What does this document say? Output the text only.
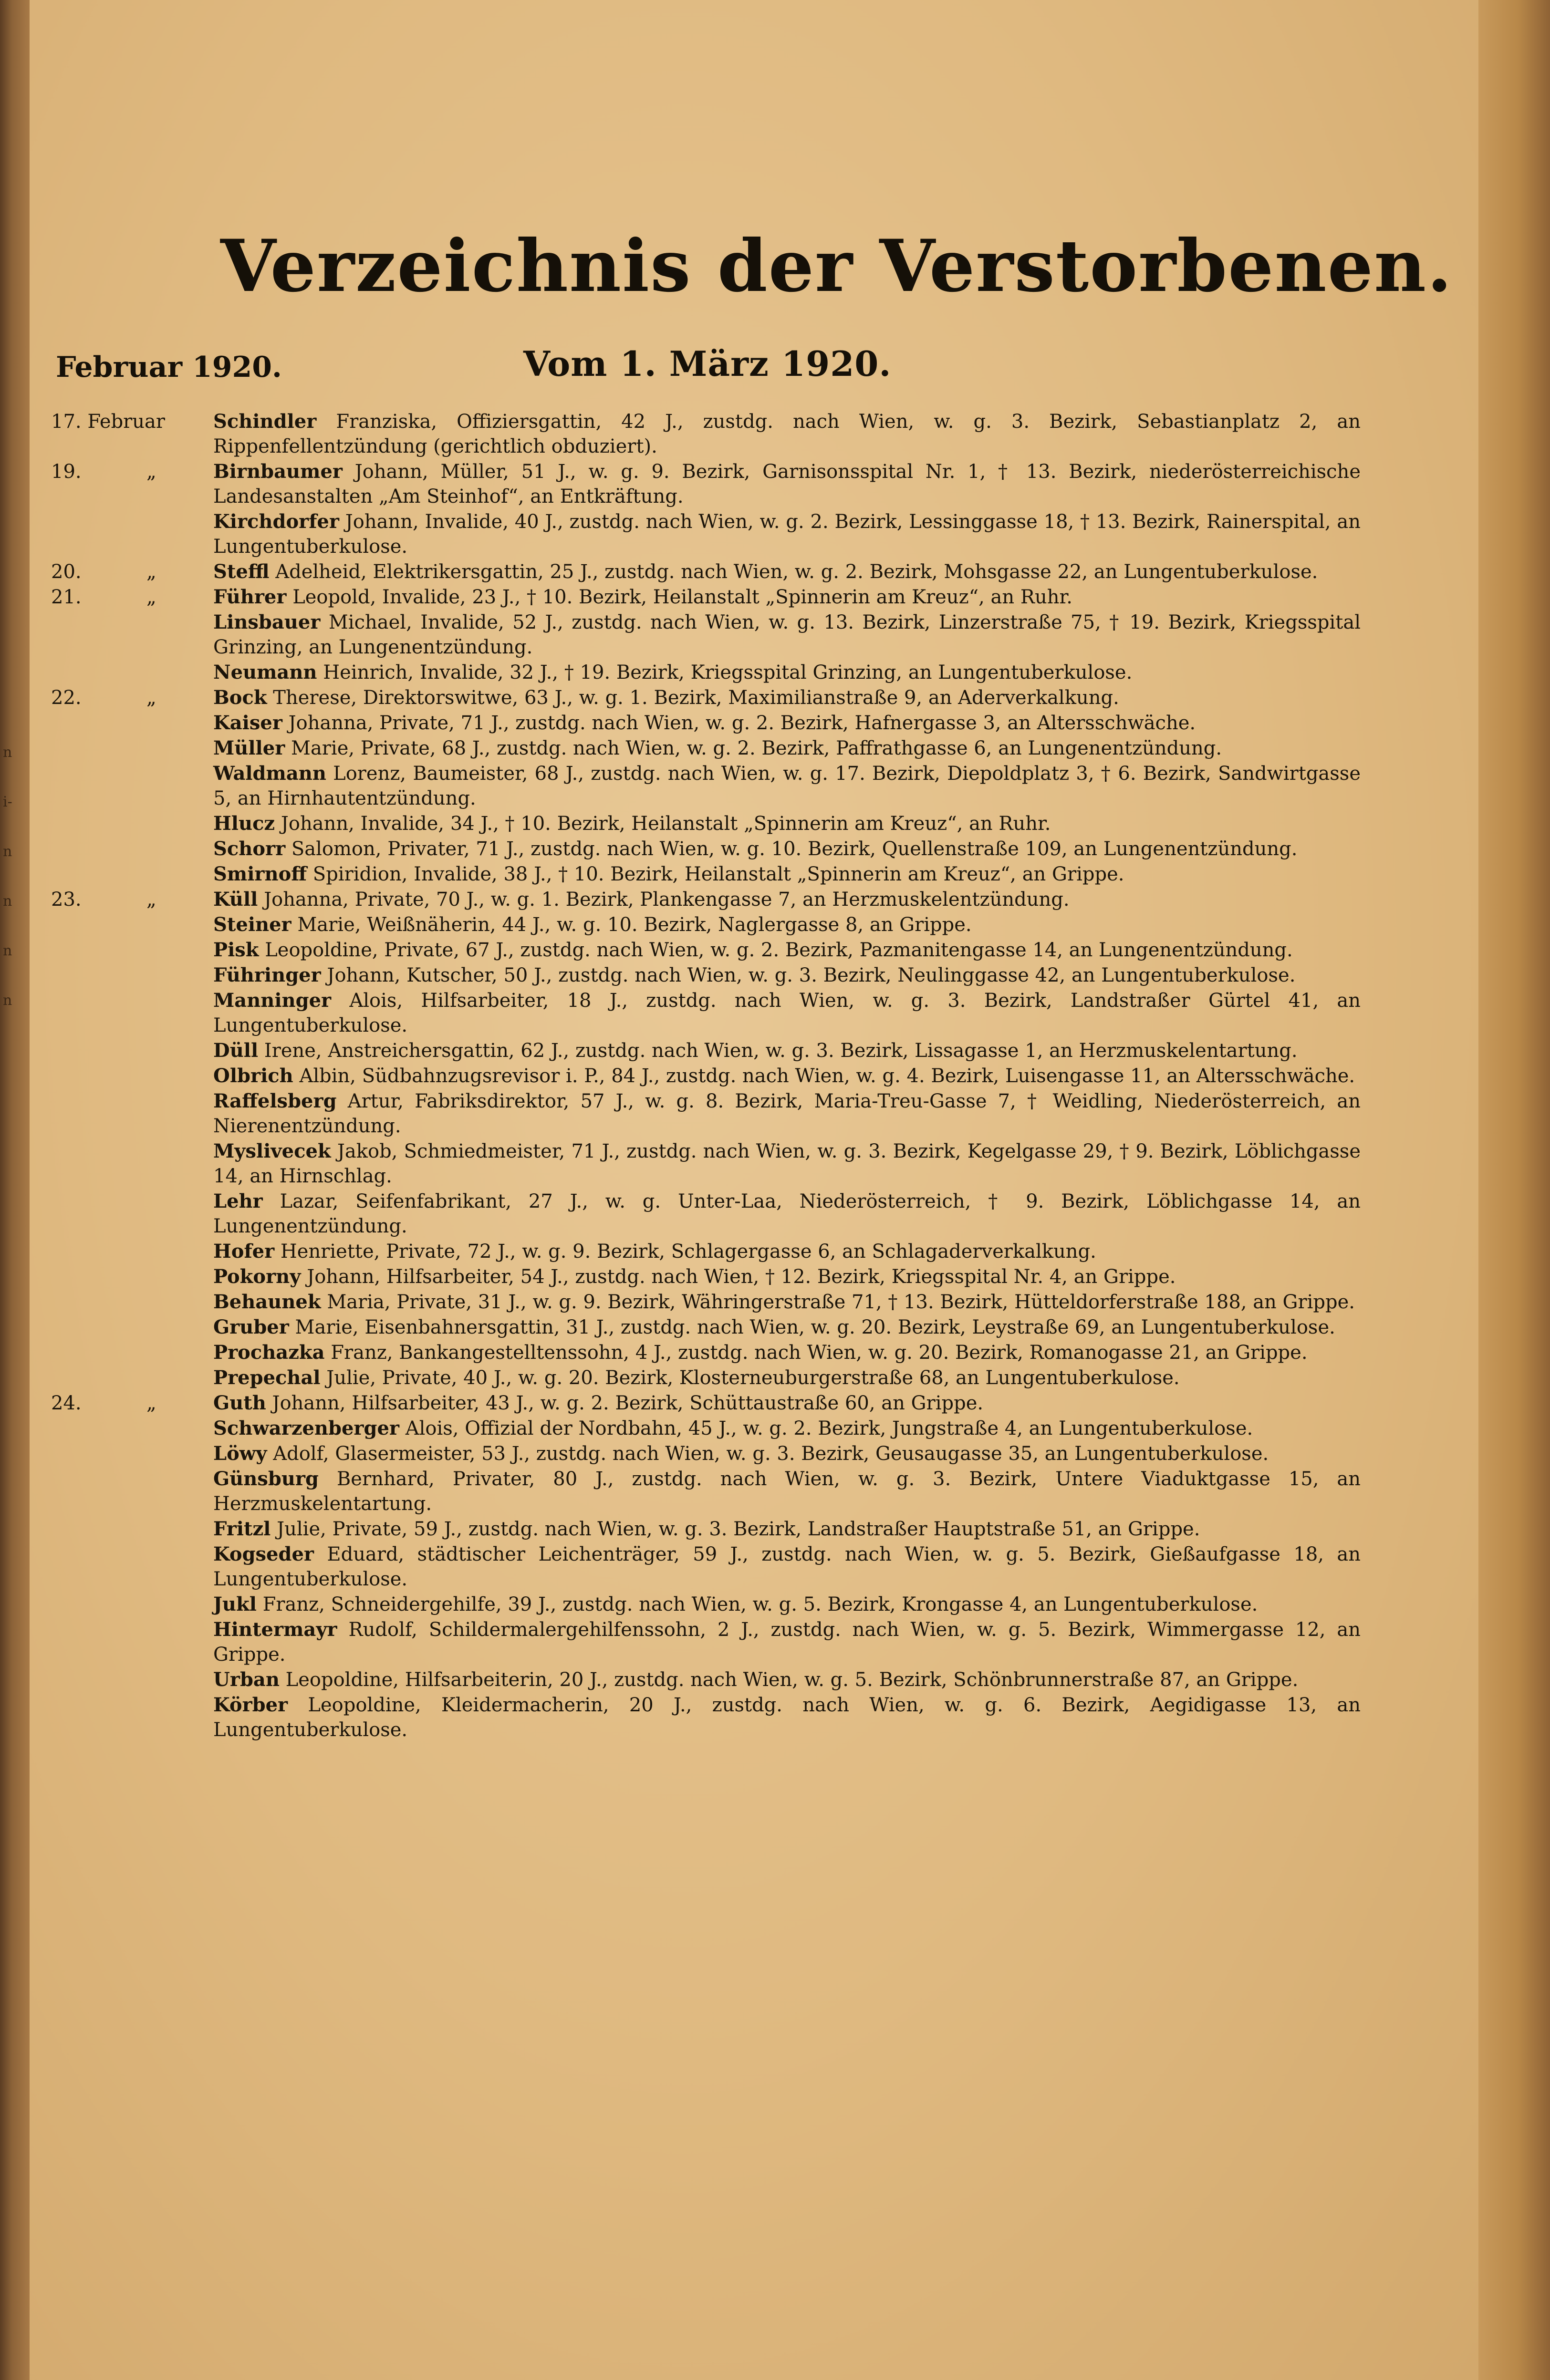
n
i-
n
n
n
n
Verzeichnis der Verstorbenen.
Februar 1920.	Vom 1. März 1920.
17. Februar	Schindler Franziska, Offiziersgattin, 42 J., zustdg. nach Wien, w. g. 3. Bezirk, Sebastianplatz 2, an Rippenfellentzündung (gerichtlich obduziert).
19.	„	Birnbaumer Johann, Müller, 51 J., w. g. 9. Bezirk, Garnisonsspital Nr. 1, † 13. Bezirk, niederösterreichische Landesanstalten „Am Steinhof“, an Entkräftung.
Kirchdorfer Johann, Invalide, 40 J., zustdg. nach Wien, w. g. 2. Bezirk, Lessinggasse 18, † 13. Bezirk, Rainerspital, an Lungentuberkulose.
20.	„	Steffl Adelheid, Elektrikersgattin, 25 J., zustdg. nach Wien, w. g. 2. Bezirk, Mohsgasse 22, an Lungentuberkulose.
21.	„	Führer Leopold, Invalide, 23 J., † 10. Bezirk, Heilanstalt „Spinnerin am Kreuz“, an Ruhr.
Linsbauer Michael, Invalide, 52 J., zustdg. nach Wien, w. g. 13. Bezirk, Linzerstraße 75, † 19. Bezirk, Kriegsspital Grinzing, an Lungenentzündung.
Neumann Heinrich, Invalide, 32 J., † 19. Bezirk, Kriegsspital Grinzing, an Lungentuberkulose.
22.	„	Bock Therese, Direktorswitwe, 63 J., w. g. 1. Bezirk, Maximilianstraße 9, an Aderverkalkung.
Kaiser Johanna, Private, 71 J., zustdg. nach Wien, w. g. 2. Bezirk, Hafnergasse 3, an Altersschwäche.
Müller Marie, Private, 68 J., zustdg. nach Wien, w. g. 2. Bezirk, Paffrathgasse 6, an Lungenentzündung.
Waldmann Lorenz, Baumeister, 68 J., zustdg. nach Wien, w. g. 17. Bezirk, Diepoldplatz 3, † 6. Bezirk, Sandwirtgasse 5, an Hirnhautentzündung.
Hlucz Johann, Invalide, 34 J., † 10. Bezirk, Heilanstalt „Spinnerin am Kreuz“, an Ruhr.
Schorr Salomon, Privater, 71 J., zustdg. nach Wien, w. g. 10. Bezirk, Quellenstraße 109, an Lungenentzündung.
Smirnoff Spiridion, Invalide, 38 J., † 10. Bezirk, Heilanstalt „Spinnerin am Kreuz“, an Grippe.
23.	„	Küll Johanna, Private, 70 J., w. g. 1. Bezirk, Plankengasse 7, an Herzmuskelentzündung.
Steiner Marie, Weißnäherin, 44 J., w. g. 10. Bezirk, Naglergasse 8, an Grippe.
Pisk Leopoldine, Private, 67 J., zustdg. nach Wien, w. g. 2. Bezirk, Pazmanitengasse 14, an Lungenentzündung.
Führinger Johann, Kutscher, 50 J., zustdg. nach Wien, w. g. 3. Bezirk, Neulinggasse 42, an Lungentuberkulose.
Manninger Alois, Hilfsarbeiter, 18 J., zustdg. nach Wien, w. g. 3. Bezirk, Landstraßer Gürtel 41, an Lungentuberkulose.
Düll Irene, Anstreichersgattin, 62 J., zustdg. nach Wien, w. g. 3. Bezirk, Lissagasse 1, an Herzmuskelentartung.
Olbrich Albin, Südbahnzugsrevisor i. P., 84 J., zustdg. nach Wien, w. g. 4. Bezirk, Luisengasse 11, an Altersschwäche.
Raffelsberg Artur, Fabriksdirektor, 57 J., w. g. 8. Bezirk, Maria-Treu-Gasse 7, † Weidling, Niederösterreich, an Nierenentzündung.
Myslivecek Jakob, Schmiedmeister, 71 J., zustdg. nach Wien, w. g. 3. Bezirk, Kegelgasse 29, † 9. Bezirk, Löblichgasse 14, an Hirnschlag.
Lehr Lazar, Seifenfabrikant, 27 J., w. g. Unter-Laa, Niederösterreich, † 9. Bezirk, Löblichgasse 14, an Lungenentzündung.
Hofer Henriette, Private, 72 J., w. g. 9. Bezirk, Schlagergasse 6, an Schlagaderverkalkung.
Pokorny Johann, Hilfsarbeiter, 54 J., zustdg. nach Wien, † 12. Bezirk, Kriegsspital Nr. 4, an Grippe.
Behaunek Maria, Private, 31 J., w. g. 9. Bezirk, Währingerstraße 71, † 13. Bezirk, Hütteldorferstraße 188, an Grippe.
Gruber Marie, Eisenbahnersgattin, 31 J., zustdg. nach Wien, w. g. 20. Bezirk, Leystraße 69, an Lungentuberkulose.
Prochazka Franz, Bankangestelltenssohn, 4 J., zustdg. nach Wien, w. g. 20. Bezirk, Romanogasse 21, an Grippe.
Prepechal Julie, Private, 40 J., w. g. 20. Bezirk, Klosterneuburgerstraße 68, an Lungentuberkulose.
24.	„	Guth Johann, Hilfsarbeiter, 43 J., w. g. 2. Bezirk, Schüttaustraße 60, an Grippe.
Schwarzenberger Alois, Offizial der Nordbahn, 45 J., w. g. 2. Bezirk, Jungstraße 4, an Lungentuberkulose.
Löwy Adolf, Glasermeister, 53 J., zustdg. nach Wien, w. g. 3. Bezirk, Geusaugasse 35, an Lungentuberkulose.
Günsburg Bernhard, Privater, 80 J., zustdg. nach Wien, w. g. 3. Bezirk, Untere Viaduktgasse 15, an Herzmuskelentartung.
Fritzl Julie, Private, 59 J., zustdg. nach Wien, w. g. 3. Bezirk, Landstraßer Hauptstraße 51, an Grippe.
Kogseder Eduard, städtischer Leichenträger, 59 J., zustdg. nach Wien, w. g. 5. Bezirk, Gießaufgasse 18, an Lungentuberkulose.
Jukl Franz, Schneidergehilfe, 39 J., zustdg. nach Wien, w. g. 5. Bezirk, Krongasse 4, an Lungentuberkulose.
Hintermayr Rudolf, Schildermalergehilfenssohn, 2 J., zustdg. nach Wien, w. g. 5. Bezirk, Wimmergasse 12, an Grippe.
Urban Leopoldine, Hilfsarbeiterin, 20 J., zustdg. nach Wien, w. g. 5. Bezirk, Schönbrunnerstraße 87, an Grippe.
Körber Leopoldine, Kleidermacherin, 20 J., zustdg. nach Wien, w. g. 6. Bezirk, Aegidigasse 13, an Lungentuberkulose.
